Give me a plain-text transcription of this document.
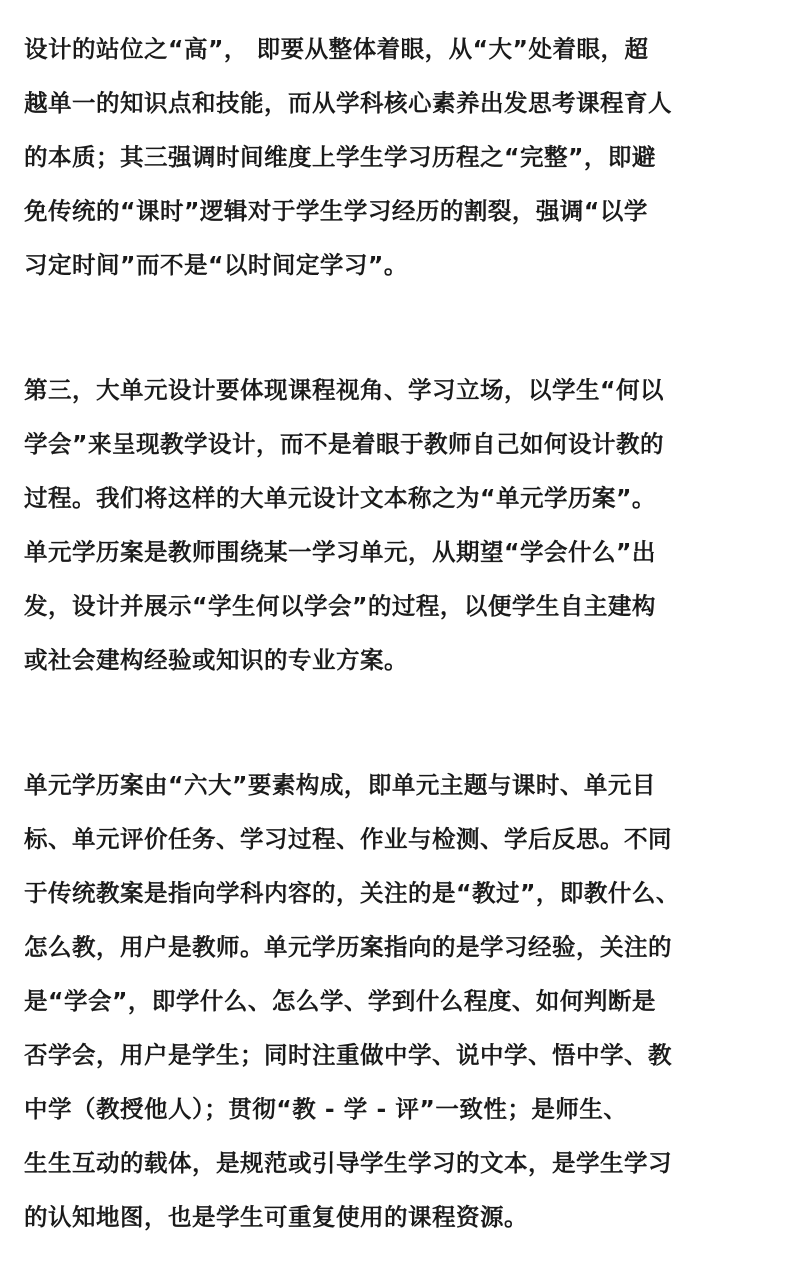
设计的站位之“高”， 即要从整体着眼，从“大”处着眼，超
越单一的知识点和技能，而从学科核心素养出发思考课程育人
的本质；其三强调时间维度上学生学习历程之“完整”，即避
免传统的“课时”逻辑对于学生学习经历的割裂，强调“以学
习定时间”而不是“以时间定学习”。
第三，大单元设计要体现课程视角、学习立场，以学生“何以
学会”来呈现教学设计，而不是着眼于教师自己如何设计教的
过程。我们将这样的大单元设计文本称之为“单元学历案”。
单元学历案是教师围绕某一学习单元，从期望“学会什么”出
发，设计并展示“学生何以学会”的过程，以便学生自主建构
或社会建构经验或知识的专业方案。
单元学历案由“六大”要素构成，即单元主题与课时、单元目
标、单元评价任务、学习过程、作业与检测、学后反思。不同
于传统教案是指向学科内容的，关注的是“教过”，即教什么、
怎么教，用户是教师。单元学历案指向的是学习经验，关注的
是“学会”，即学什么、怎么学、学到什么程度、如何判断是
否学会，用户是学生；同时注重做中学、说中学、悟中学、教
中学（教授他人）；贯彻“教 - 学 - 评”一致性；是师生、
生生互动的载体，是规范或引导学生学习的文本，是学生学习
的认知地图，也是学生可重复使用的课程资源。
